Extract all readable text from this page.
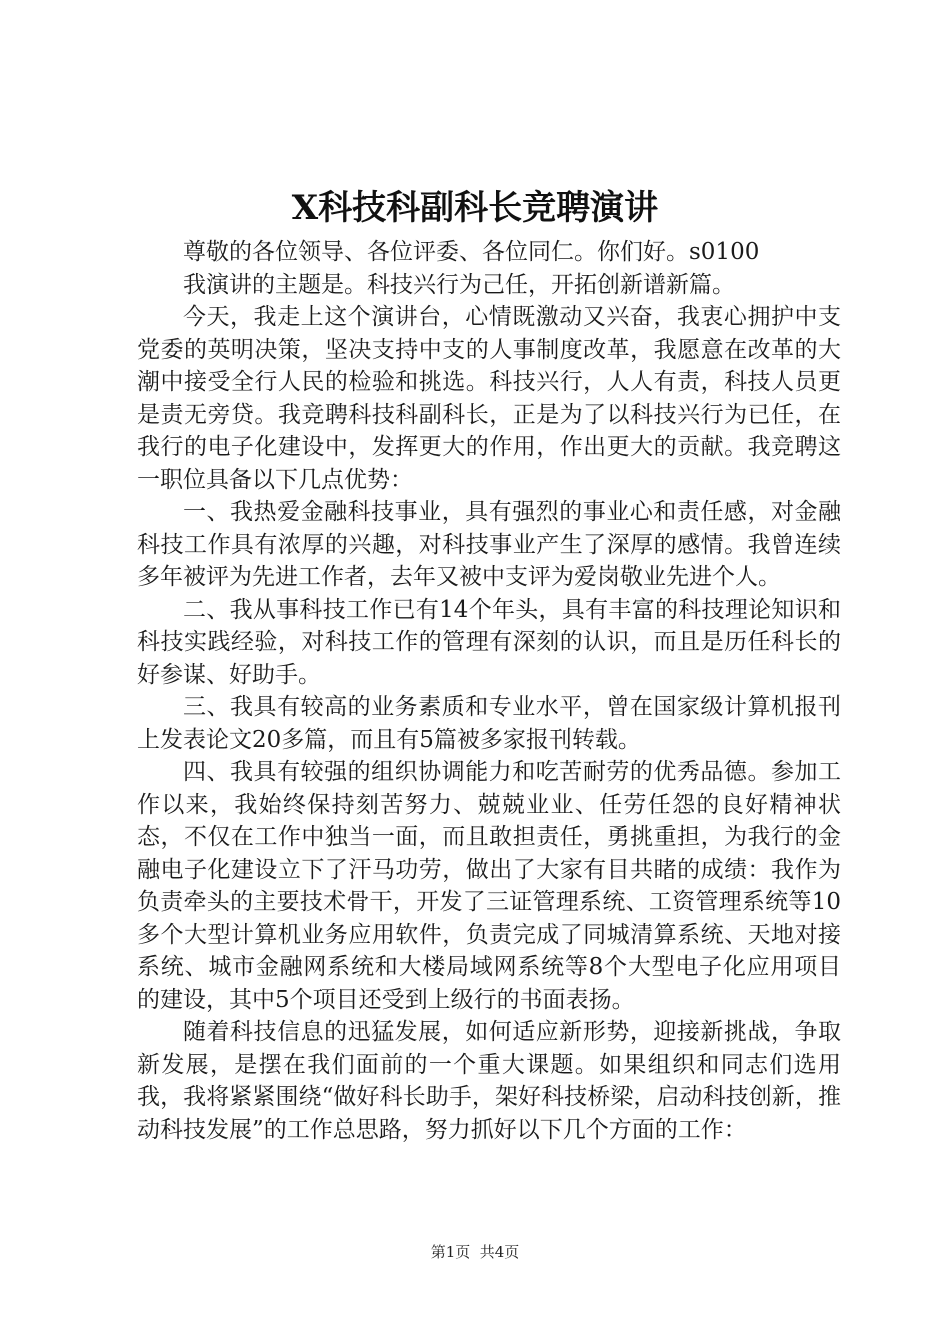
X科技科副科长竞聘演讲

尊敬的各位领导、各位评委、各位同仁。你们好。s0100

我演讲的主题是。科技兴行为己任，开拓创新谱新篇。

今天，我走上这个演讲台，心情既激动又兴奋，我衷心拥护中支党委的英明决策，坚决支持中支的人事制度改革，我愿意在改革的大潮中接受全行人民的检验和挑选。科技兴行，人人有责，科技人员更是责无旁贷。我竞聘科技科副科长，正是为了以科技兴行为已任，在我行的电子化建设中，发挥更大的作用，作出更大的贡献。我竞聘这一职位具备以下几点优势：

一、我热爱金融科技事业，具有强烈的事业心和责任感，对金融科技工作具有浓厚的兴趣，对科技事业产生了深厚的感情。我曾连续多年被评为先进工作者，去年又被中支评为爱岗敬业先进个人。

二、我从事科技工作已有14个年头，具有丰富的科技理论知识和科技实践经验，对科技工作的管理有深刻的认识，而且是历任科长的好参谋、好助手。

三、我具有较高的业务素质和专业水平，曾在国家级计算机报刊上发表论文20多篇，而且有5篇被多家报刊转载。

四、我具有较强的组织协调能力和吃苦耐劳的优秀品德。参加工作以来，我始终保持刻苦努力、兢兢业业、任劳任怨的良好精神状态，不仅在工作中独当一面，而且敢担责任，勇挑重担，为我行的金融电子化建设立下了汗马功劳，做出了大家有目共睹的成绩：我作为负责牵头的主要技术骨干，开发了三证管理系统、工资管理系统等10多个大型计算机业务应用软件，负责完成了同城清算系统、天地对接系统、城市金融网系统和大楼局域网系统等8个大型电子化应用项目的建设，其中5个项目还受到上级行的书面表扬。

随着科技信息的迅猛发展，如何适应新形势，迎接新挑战，争取新发展，是摆在我们面前的一个重大课题。如果组织和同志们选用我，我将紧紧围绕“做好科长助手，架好科技桥梁，启动科技创新，推动科技发展”的工作总思路，努力抓好以下几个方面的工作：

第1页  共4页
